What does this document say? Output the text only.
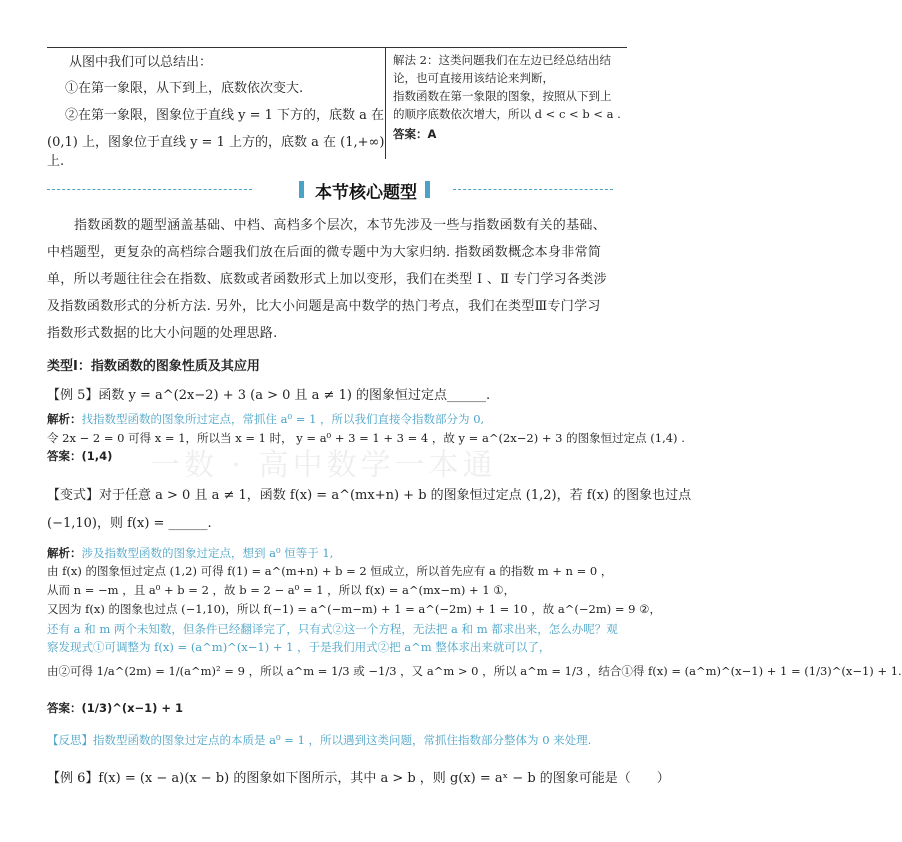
一数 · 高中数学一本通
从图中我们可以总结出：
①在第一象限，从下到上，底数依次变大.
②在第一象限，图象位于直线 y = 1 下方的，底数 a 在
(0,1) 上，图象位于直线 y = 1 上方的，底数 a 在 (1,+∞) 上.
解法 2：这类问题我们在左边已经总结出结
论，也可直接用该结论来判断，
指数函数在第一象限的图象，按照从下到上
的顺序底数依次增大，所以 d < c < b < a .
答案：A
本节核心题型
指数函数的题型涵盖基础、中档、高档多个层次，本节先涉及一些与指数函数有关的基础、
中档题型，更复杂的高档综合题我们放在后面的微专题中为大家归纳. 指数函数概念本身非常简
单，所以考题往往会在指数、底数或者函数形式上加以变形，我们在类型 Ⅰ 、Ⅱ 专门学习各类涉
及指数函数形式的分析方法. 另外，比大小问题是高中数学的热门考点，我们在类型Ⅲ专门学习
指数形式数据的比大小问题的处理思路.
类型Ⅰ：指数函数的图象性质及其应用
【例 5】函数 y = a^(2x−2) + 3 (a > 0 且 a ≠ 1) 的图象恒过定点______.
解析：找指数型函数的图象所过定点，常抓住 a⁰ = 1 ，所以我们直接令指数部分为 0,
令 2x − 2 = 0 可得 x = 1，所以当 x = 1 时， y = a⁰ + 3 = 1 + 3 = 4 ，故 y = a^(2x−2) + 3 的图象恒过定点 (1,4) .
答案：(1,4)
【变式】对于任意 a > 0 且 a ≠ 1，函数 f(x) = a^(mx+n) + b 的图象恒过定点 (1,2)，若 f(x) 的图象也过点
(−1,10)，则 f(x) = ______.
解析：涉及指数型函数的图象过定点，想到 a⁰ 恒等于 1,
由 f(x) 的图象恒过定点 (1,2) 可得 f(1) = a^(m+n) + b = 2 恒成立，所以首先应有 a 的指数 m + n = 0 ，
从而 n = −m ，且 a⁰ + b = 2 ，故 b = 2 − a⁰ = 1 ，所以 f(x) = a^(mx−m) + 1 ①，
又因为 f(x) 的图象也过点 (−1,10)，所以 f(−1) = a^(−m−m) + 1 = a^(−2m) + 1 = 10 ，故 a^(−2m) = 9 ②，
还有 a 和 m 两个未知数，但条件已经翻译完了，只有式②这一个方程，无法把 a 和 m 都求出来，怎么办呢？观
察发现式①可调整为 f(x) = (a^m)^(x−1) + 1 ，于是我们用式②把 a^m 整体求出来就可以了，
由②可得 1/a^(2m) = 1/(a^m)² = 9 ，所以 a^m = 1/3 或 −1/3 ，又 a^m > 0 ，所以 a^m = 1/3 ，结合①得 f(x) = (a^m)^(x−1) + 1 = (1/3)^(x−1) + 1.
答案：(1/3)^(x−1) + 1
【反思】指数型函数的图象过定点的本质是 a⁰ = 1 ，所以遇到这类问题，常抓住指数部分整体为 0 来处理.
【例 6】f(x) = (x − a)(x − b) 的图象如下图所示，其中 a > b ，则 g(x) = aˣ − b 的图象可能是（　　）
